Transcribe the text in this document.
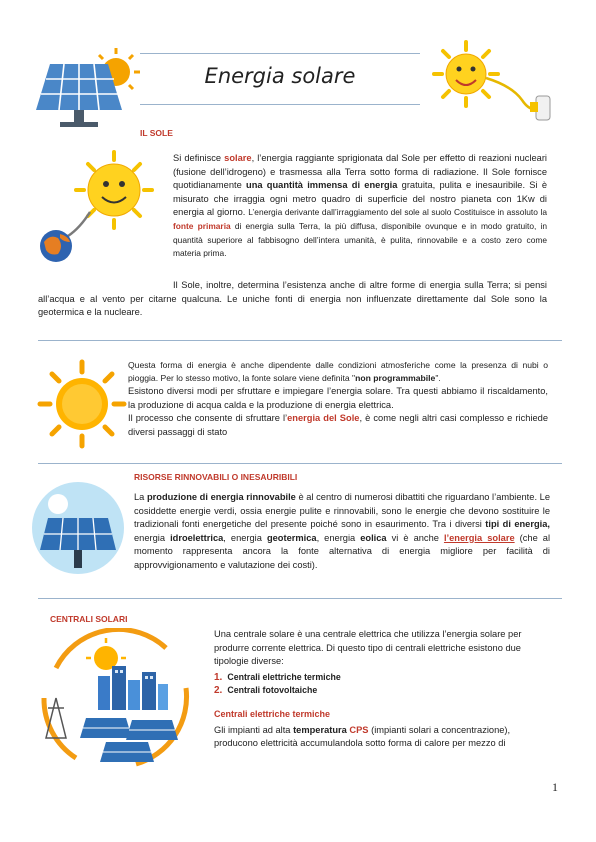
Energia solare
IL SOLE

Si definisce solare, l’energia raggiante sprigionata dal Sole per effetto di reazioni nucleari (fusione dell’idrogeno) e trasmessa alla Terra sotto forma di radiazione. Il Sole fornisce quotidianamente una quantità immensa di energia gratuita, pulita e inesauribile. Si è misurato che irraggia ogni metro quadro di superficie del nostro pianeta con 1Kw di energia al giorno. L’energia derivante dall’irraggiamento del sole al suolo Costituisce in assoluto la fonte primaria di energia sulla Terra, la più diffusa, disponibile ovunque e in modo gratuito, in quantità superiore al fabbisogno dell’intera umanità, è pulita, rinnovabile e a costo zero come materia prima.

Il Sole, inoltre, determina l’esistenza anche di altre forme di energia sulla Terra; si pensi all’acqua e al vento per citarne qualcuna. Le uniche fonti di energia non influenzate direttamente dal Sole sono la geotermica e la nucleare.

Questa forma di energia è anche dipendente dalle condizioni atmosferiche come la presenza di nubi o pioggia. Per lo stesso motivo, la fonte solare viene definita "non programmabile".

Esistono diversi modi per sfruttare e impiegare l’energia solare. Tra questi abbiamo il riscaldamento, la produzione di acqua calda e la produzione di energia elettrica.

Il processo che consente di sfruttare l’energia del Sole, è come negli altri casi complesso e richiede diversi passaggi di stato

RISORSE RINNOVABILI O INESAURIBILI

La produzione di energia rinnovabile è al centro di numerosi dibattiti che riguardano l’ambiente. Le cosiddette energie verdi, ossia energie pulite e rinnovabili, sono le energie che devono sostituire le tradizionali fonti energetiche del presente poiché sono in esaurimento. Tra i diversi tipi di energia, energia idroelettrica, energia geotermica, energia eolica vi è anche l’energia solare (che al momento rappresenta ancora la fonte alternativa di energia migliore per facilità di approvvigionamento e valutazione dei costi).

CENTRALI SOLARI

Una centrale solare è una centrale elettrica che utilizza l’energia solare per produrre corrente elettrica. Di questo tipo di centrali elettriche esistono due tipologie diverse:

1. Centrali elettriche termiche
2. Centrali fotovoltaiche
Centrali elettriche termiche

Gli impianti ad alta temperatura CPS (impianti solari a concentrazione), producono elettricità accumulandola sotto forma di calore per mezzo di

1
